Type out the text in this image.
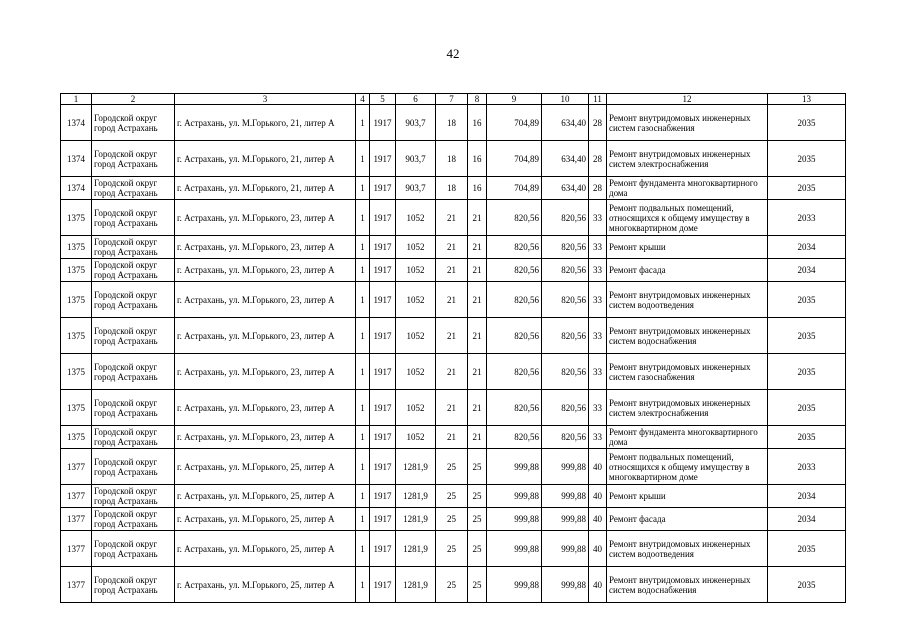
42
1	2	3	4	5	6	7	8	9	10	11	12	13
1374	Городской округ город Астрахань	г. Астрахань, ул. М.Горького, 21, литер А	1	1917	903,7	18	16	704,89	634,40	28	Ремонт внутридомовых инженерных систем газоснабжения	2035
1374	Городской округ город Астрахань	г. Астрахань, ул. М.Горького, 21, литер А	1	1917	903,7	18	16	704,89	634,40	28	Ремонт внутридомовых инженерных систем электроснабжения	2035
1374	Городской округ город Астрахань	г. Астрахань, ул. М.Горького, 21, литер А	1	1917	903,7	18	16	704,89	634,40	28	Ремонт фундамента многоквартирного дома	2035
1375	Городской округ город Астрахань	г. Астрахань, ул. М.Горького, 23, литер А	1	1917	1052	21	21	820,56	820,56	33	Ремонт подвальных помещений, относящихся к общему имуществу в многоквартирном доме	2033
1375	Городской округ город Астрахань	г. Астрахань, ул. М.Горького, 23, литер А	1	1917	1052	21	21	820,56	820,56	33	Ремонт крыши	2034
1375	Городской округ город Астрахань	г. Астрахань, ул. М.Горького, 23, литер А	1	1917	1052	21	21	820,56	820,56	33	Ремонт фасада	2034
1375	Городской округ город Астрахань	г. Астрахань, ул. М.Горького, 23, литер А	1	1917	1052	21	21	820,56	820,56	33	Ремонт внутридомовых инженерных систем водоотведения	2035
1375	Городской округ город Астрахань	г. Астрахань, ул. М.Горького, 23, литер А	1	1917	1052	21	21	820,56	820,56	33	Ремонт внутридомовых инженерных систем водоснабжения	2035
1375	Городской округ город Астрахань	г. Астрахань, ул. М.Горького, 23, литер А	1	1917	1052	21	21	820,56	820,56	33	Ремонт внутридомовых инженерных систем газоснабжения	2035
1375	Городской округ город Астрахань	г. Астрахань, ул. М.Горького, 23, литер А	1	1917	1052	21	21	820,56	820,56	33	Ремонт внутридомовых инженерных систем электроснабжения	2035
1375	Городской округ город Астрахань	г. Астрахань, ул. М.Горького, 23, литер А	1	1917	1052	21	21	820,56	820,56	33	Ремонт фундамента многоквартирного дома	2035
1377	Городской округ город Астрахань	г. Астрахань, ул. М.Горького, 25, литер А	1	1917	1281,9	25	25	999,88	999,88	40	Ремонт подвальных помещений, относящихся к общему имуществу в многоквартирном доме	2033
1377	Городской округ город Астрахань	г. Астрахань, ул. М.Горького, 25, литер А	1	1917	1281,9	25	25	999,88	999,88	40	Ремонт крыши	2034
1377	Городской округ город Астрахань	г. Астрахань, ул. М.Горького, 25, литер А	1	1917	1281,9	25	25	999,88	999,88	40	Ремонт фасада	2034
1377	Городской округ город Астрахань	г. Астрахань, ул. М.Горького, 25, литер А	1	1917	1281,9	25	25	999,88	999,88	40	Ремонт внутридомовых инженерных систем водоотведения	2035
1377	Городской округ город Астрахань	г. Астрахань, ул. М.Горького, 25, литер А	1	1917	1281,9	25	25	999,88	999,88	40	Ремонт внутридомовых инженерных систем водоснабжения	2035
